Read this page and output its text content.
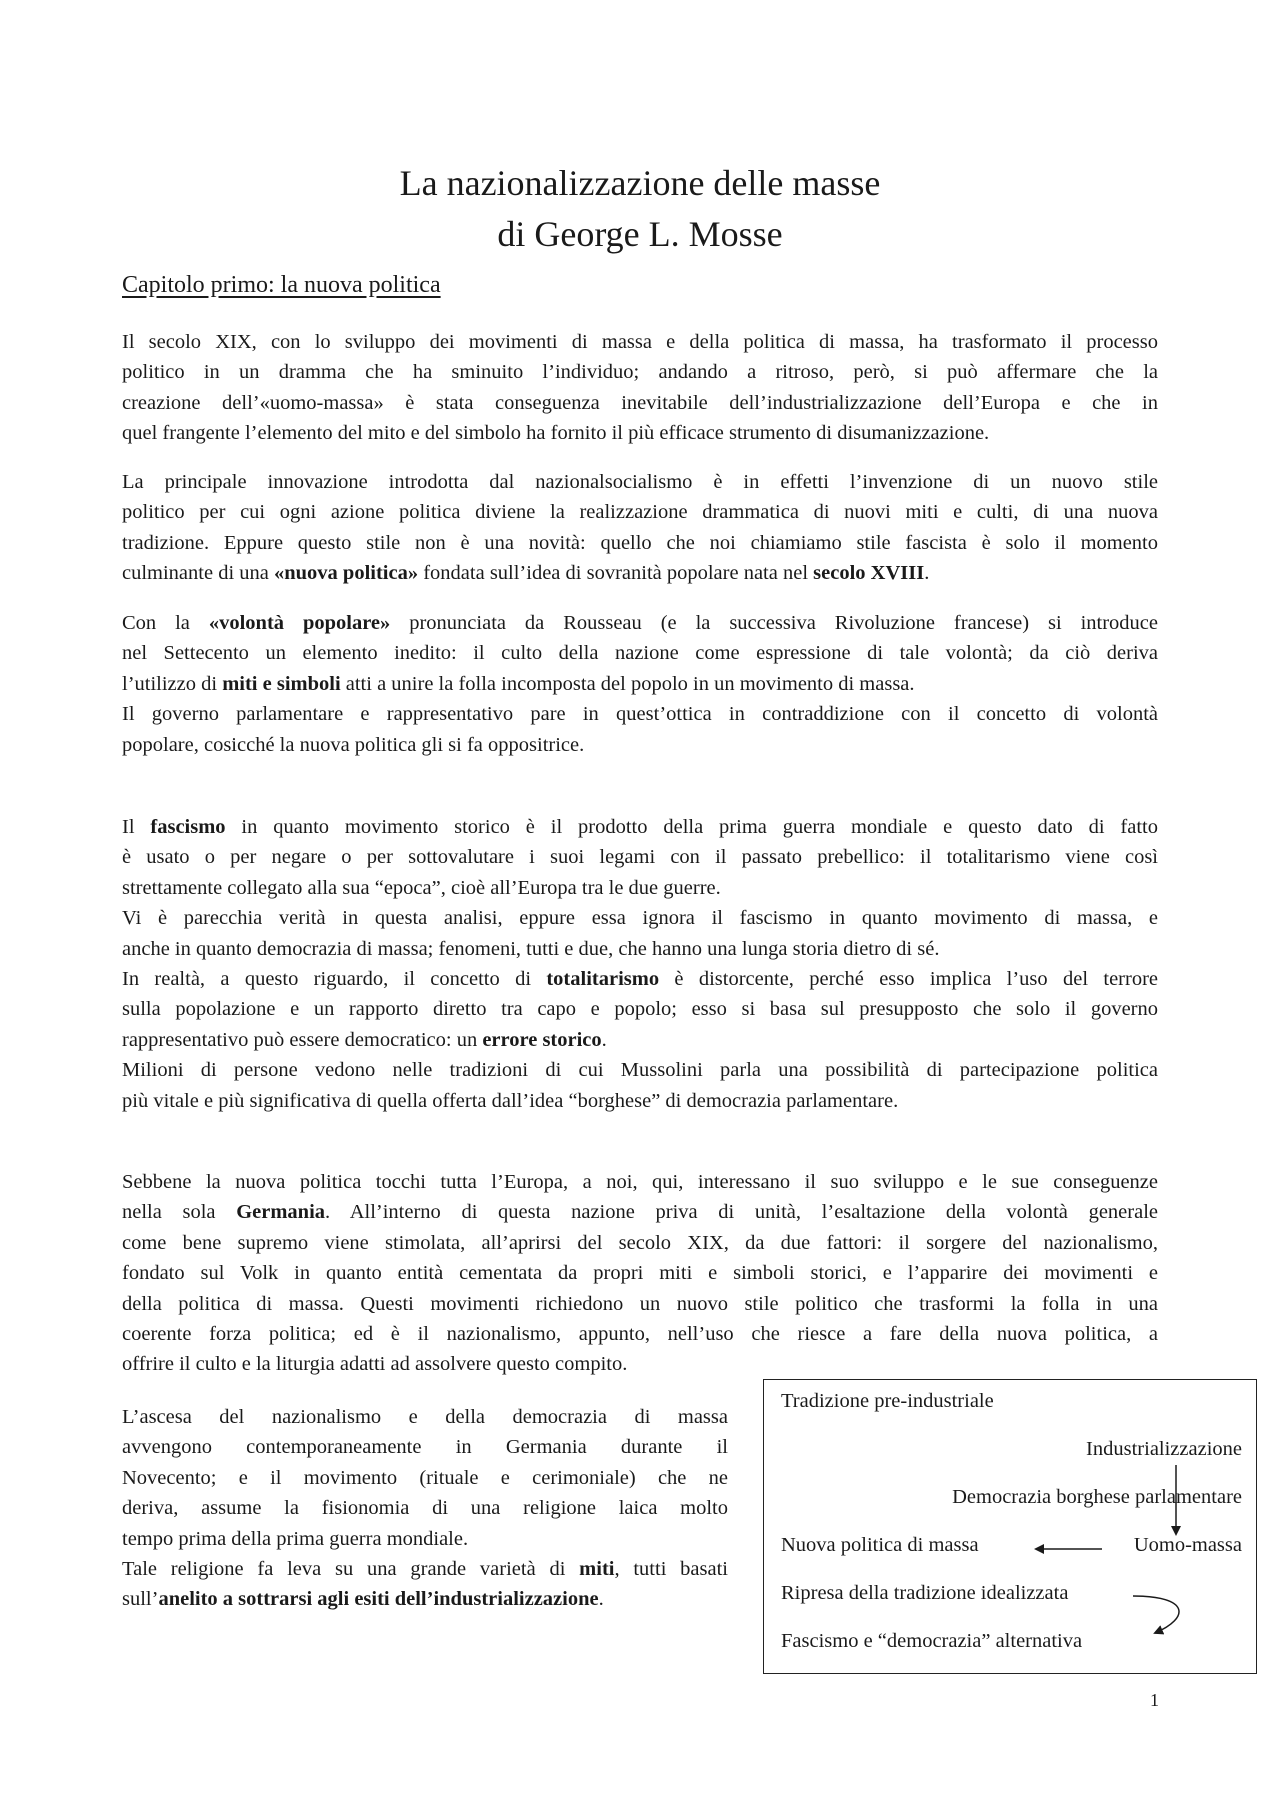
La nazionalizzazione delle masse
di George L. Mosse
Capitolo primo: la nuova politica

Il secolo XIX, con lo sviluppo dei movimenti di massa e della politica di massa, ha trasformato il processo
politico in un dramma che ha sminuito l’individuo; andando a ritroso, però, si può affermare che la
creazione dell’«uomo-massa» è stata conseguenza inevitabile dell’industrializzazione dell’Europa e che in
quel frangente l’elemento del mito e del simbolo ha fornito il più efficace strumento di disumanizzazione.

La principale innovazione introdotta dal nazionalsocialismo è in effetti l’invenzione di un nuovo stile
politico per cui ogni azione politica diviene la realizzazione drammatica di nuovi miti e culti, di una nuova
tradizione. Eppure questo stile non è una novità: quello che noi chiamiamo stile fascista è solo il momento
culminante di una «nuova politica» fondata sull’idea di sovranità popolare nata nel secolo XVIII.

Con la «volontà popolare» pronunciata da Rousseau (e la successiva Rivoluzione francese) si introduce
nel Settecento un elemento inedito: il culto della nazione come espressione di tale volontà; da ciò deriva
l’utilizzo di miti e simboli atti a unire la folla incomposta del popolo in un movimento di massa.
Il governo parlamentare e rappresentativo pare in quest’ottica in contraddizione con il concetto di volontà
popolare, cosicché la nuova politica gli si fa oppositrice.

Il fascismo in quanto movimento storico è il prodotto della prima guerra mondiale e questo dato di fatto
è usato o per negare o per sottovalutare i suoi legami con il passato prebellico: il totalitarismo viene così
strettamente collegato alla sua “epoca”, cioè all’Europa tra le due guerre.
Vi è parecchia verità in questa analisi, eppure essa ignora il fascismo in quanto movimento di massa, e
anche in quanto democrazia di massa; fenomeni, tutti e due, che hanno una lunga storia dietro di sé.
In realtà, a questo riguardo, il concetto di totalitarismo è distorcente, perché esso implica l’uso del terrore
sulla popolazione e un rapporto diretto tra capo e popolo; esso si basa sul presupposto che solo il governo
rappresentativo può essere democratico: un errore storico.
Milioni di persone vedono nelle tradizioni di cui Mussolini parla una possibilità di partecipazione politica
più vitale e più significativa di quella offerta dall’idea “borghese” di democrazia parlamentare.

Sebbene la nuova politica tocchi tutta l’Europa, a noi, qui, interessano il suo sviluppo e le sue conseguenze
nella sola Germania. All’interno di questa nazione priva di unità, l’esaltazione della volontà generale
come bene supremo viene stimolata, all’aprirsi del secolo XIX, da due fattori: il sorgere del nazionalismo,
fondato sul Volk in quanto entità cementata da propri miti e simboli storici, e l’apparire dei movimenti e
della politica di massa. Questi movimenti richiedono un nuovo stile politico che trasformi la folla in una
coerente forza politica; ed è il nazionalismo, appunto, nell’uso che riesce a fare della nuova politica, a
offrire il culto e la liturgia adatti ad assolvere questo compito.

L’ascesa del nazionalismo e della democrazia di massa
avvengono contemporaneamente in Germania durante il
Novecento; e il movimento (rituale e cerimoniale) che ne
deriva, assume la fisionomia di una religione laica molto
tempo prima della prima guerra mondiale.
Tale religione fa leva su una grande varietà di miti, tutti basati
sull’anelito a sottrarsi agli esiti dell’industrializzazione.

Tradizione pre-industriale
Industrializzazione
Democrazia borghese parlamentare
Nuova politica di massa	Uomo-massa
Ripresa della tradizione idealizzata
Fascismo e “democrazia” alternativa
1
